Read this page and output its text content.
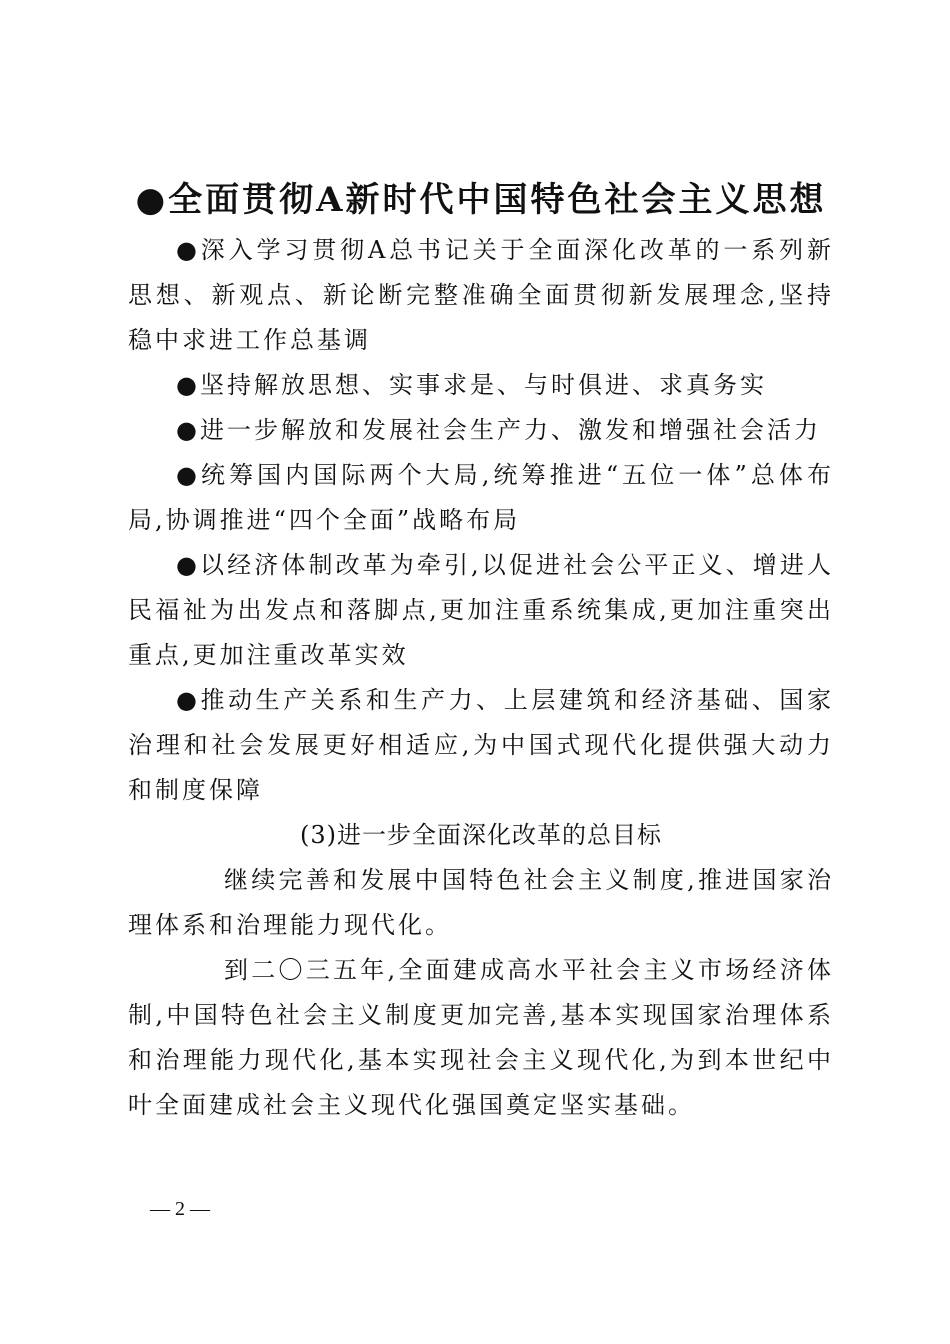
●全面贯彻A新时代中国特色社会主义思想

●深入学习贯彻A总书记关于全面深化改革的一系列新思想、新观点、新论断完整准确全面贯彻新发展理念,坚持稳中求进工作总基调

●坚持解放思想、实事求是、与时俱进、求真务实

●进一步解放和发展社会生产力、激发和增强社会活力

●统筹国内国际两个大局,统筹推进“五位一体”总体布局,协调推进“四个全面”战略布局

●以经济体制改革为牵引,以促进社会公平正义、增进人民福祉为出发点和落脚点,更加注重系统集成,更加注重突出重点,更加注重改革实效

●推动生产关系和生产力、上层建筑和经济基础、国家治理和社会发展更好相适应,为中国式现代化提供强大动力和制度保障

(3)进一步全面深化改革的总目标

继续完善和发展中国特色社会主义制度,推进国家治理体系和治理能力现代化。

到二〇三五年,全面建成高水平社会主义市场经济体制,中国特色社会主义制度更加完善,基本实现国家治理体系和治理能力现代化,基本实现社会主义现代化,为到本世纪中叶全面建成社会主义现代化强国奠定坚实基础。

— 2 —
